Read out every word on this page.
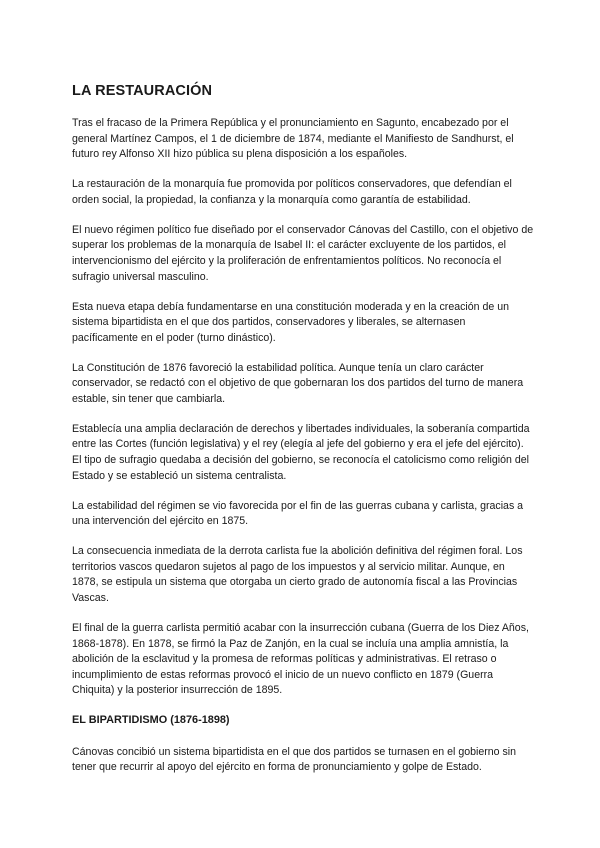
LA RESTAURACIÓN

Tras el fracaso de la Primera República y el pronunciamiento en Sagunto, encabezado por el general Martínez Campos, el 1 de diciembre de 1874, mediante el Manifiesto de Sandhurst, el futuro rey Alfonso XII hizo pública su plena disposición a los españoles.

La restauración de la monarquía fue promovida por políticos conservadores, que defendían el orden social, la propiedad, la confianza y la monarquía como garantía de estabilidad.

El nuevo régimen político fue diseñado por el conservador Cánovas del Castillo, con el objetivo de superar los problemas de la monarquía de Isabel II: el carácter excluyente de los partidos, el intervencionismo del ejército y la proliferación de enfrentamientos políticos. No reconocía el sufragio universal masculino.

Esta nueva etapa debía fundamentarse en una constitución moderada y en la creación de un sistema bipartidista en el que dos partidos, conservadores y liberales, se alternasen pacíficamente en el poder (turno dinástico).

La Constitución de 1876 favoreció la estabilidad política. Aunque tenía un claro carácter conservador, se redactó con el objetivo de que gobernaran los dos partidos del turno de manera estable, sin tener que cambiarla.

Establecía una amplia declaración de derechos y libertades individuales, la soberanía compartida entre las Cortes (función legislativa) y el rey (elegía al jefe del gobierno y era el jefe del ejército). El tipo de sufragio quedaba a decisión del gobierno, se reconocía el catolicismo como religión del Estado y se estableció un sistema centralista.

La estabilidad del régimen se vio favorecida por el fin de las guerras cubana y carlista, gracias a una intervención del ejército en 1875.

La consecuencia inmediata de la derrota carlista fue la abolición definitiva del régimen foral. Los territorios vascos quedaron sujetos al pago de los impuestos y al servicio militar. Aunque, en 1878, se estipula un sistema que otorgaba un cierto grado de autonomía fiscal a las Provincias Vascas.

El final de la guerra carlista permitió acabar con la insurrección cubana (Guerra de los Diez Años, 1868-1878). En 1878, se firmó la Paz de Zanjón, en la cual se incluía una amplia amnistía, la abolición de la esclavitud y la promesa de reformas políticas y administrativas. El retraso o incumplimiento de estas reformas provocó el inicio de un nuevo conflicto en 1879 (Guerra Chiquita) y la posterior insurrección de 1895.

EL BIPARTIDISMO (1876-1898)

Cánovas concibió un sistema bipartidista en el que dos partidos se turnasen en el gobierno sin tener que recurrir al apoyo del ejército en forma de pronunciamiento y golpe de Estado.
